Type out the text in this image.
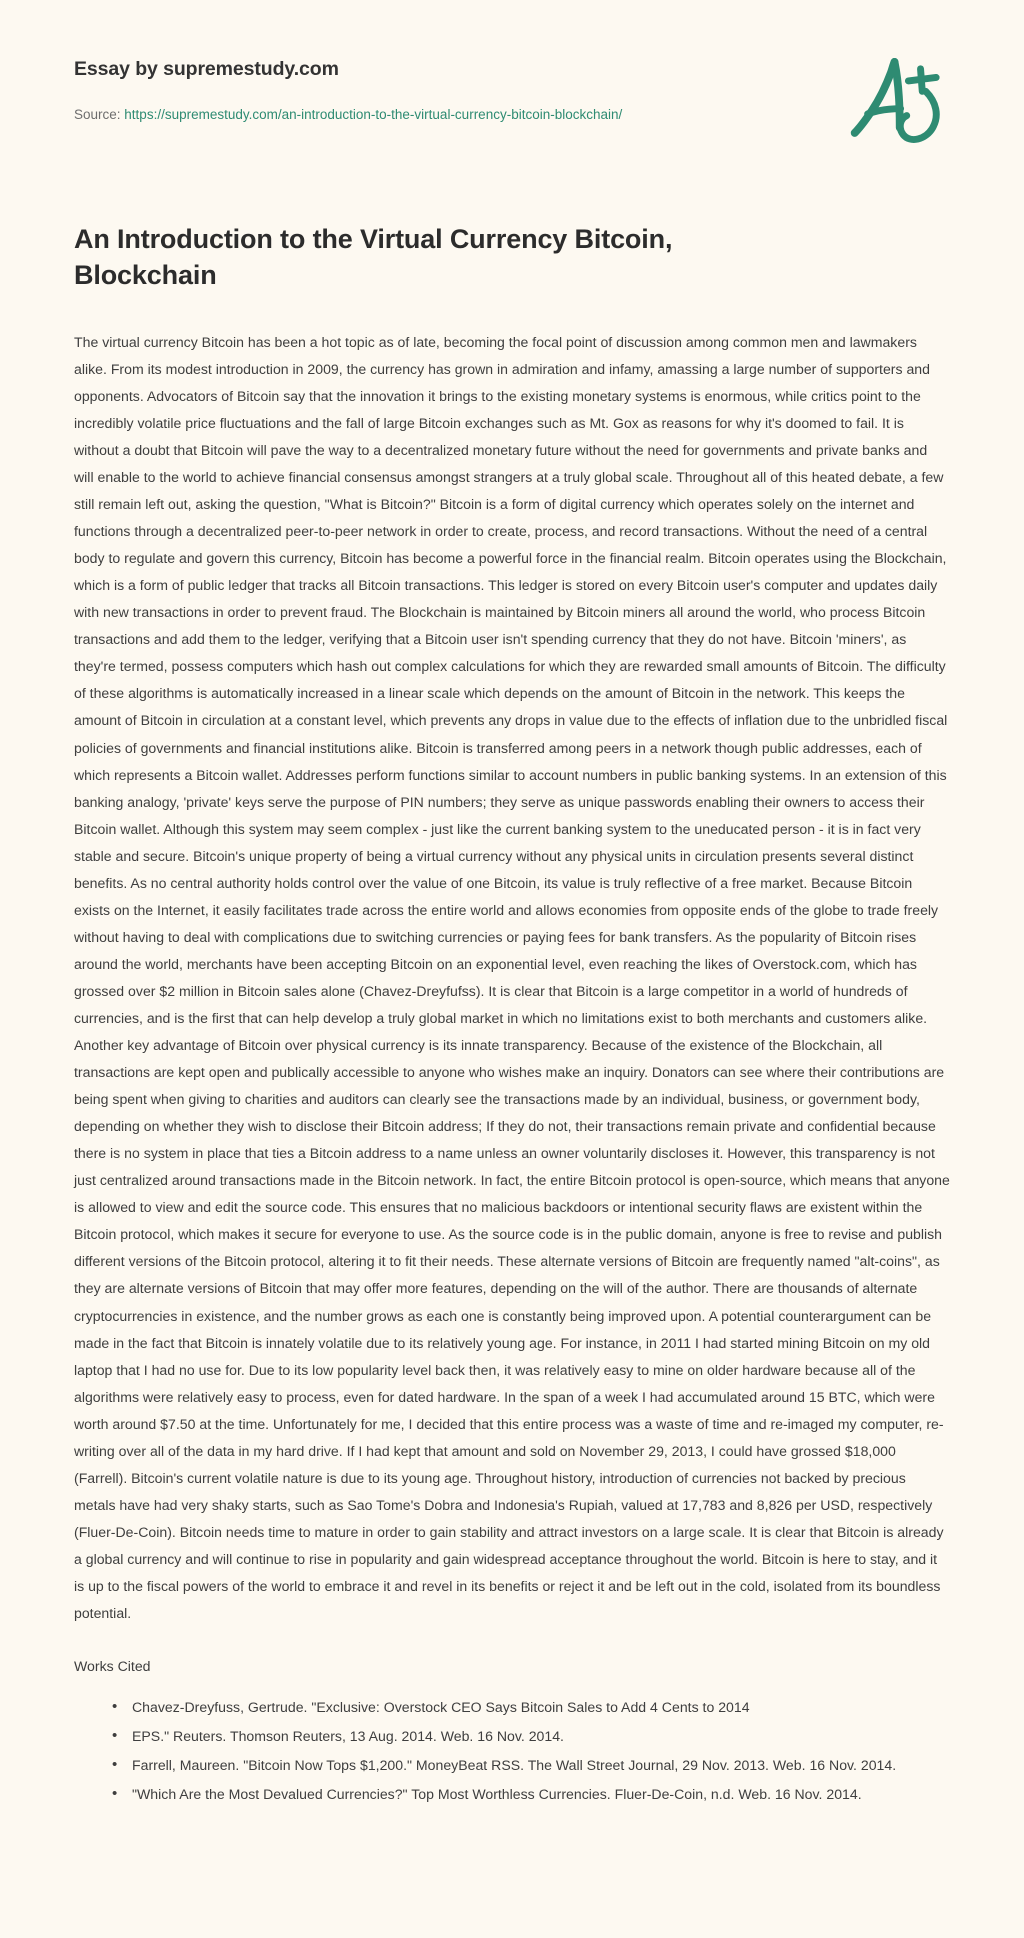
Essay by supremestudy.com
Source: https://supremestudy.com/an-introduction-to-the-virtual-currency-bitcoin-blockchain/
An Introduction to the Virtual Currency Bitcoin, Blockchain

The virtual currency Bitcoin has been a hot topic as of late, becoming the focal point of discussion among common men and lawmakers alike. From its modest introduction in 2009, the currency has grown in admiration and infamy, amassing a large number of supporters and opponents. Advocators of Bitcoin say that the innovation it brings to the existing monetary systems is enormous, while critics point to the incredibly volatile price fluctuations and the fall of large Bitcoin exchanges such as Mt. Gox as reasons for why it's doomed to fail. It is without a doubt that Bitcoin will pave the way to a decentralized monetary future without the need for governments and private banks and will enable to the world to achieve financial consensus amongst strangers at a truly global scale. Throughout all of this heated debate, a few still remain left out, asking the question, "What is Bitcoin?" Bitcoin is a form of digital currency which operates solely on the internet and functions through a decentralized peer-to-peer network in order to create, process, and record transactions. Without the need of a central body to regulate and govern this currency, Bitcoin has become a powerful force in the financial realm. Bitcoin operates using the Blockchain, which is a form of public ledger that tracks all Bitcoin transactions. This ledger is stored on every Bitcoin user's computer and updates daily with new transactions in order to prevent fraud. The Blockchain is maintained by Bitcoin miners all around the world, who process Bitcoin transactions and add them to the ledger, verifying that a Bitcoin user isn't spending currency that they do not have. Bitcoin 'miners', as they're termed, possess computers which hash out complex calculations for which they are rewarded small amounts of Bitcoin. The difficulty of these algorithms is automatically increased in a linear scale which depends on the amount of Bitcoin in the network. This keeps the amount of Bitcoin in circulation at a constant level, which prevents any drops in value due to the effects of inflation due to the unbridled fiscal policies of governments and financial institutions alike. Bitcoin is transferred among peers in a network though public addresses, each of which represents a Bitcoin wallet. Addresses perform functions similar to account numbers in public banking systems. In an extension of this banking analogy, 'private' keys serve the purpose of PIN numbers; they serve as unique passwords enabling their owners to access their Bitcoin wallet. Although this system may seem complex - just like the current banking system to the uneducated person - it is in fact very stable and secure. Bitcoin's unique property of being a virtual currency without any physical units in circulation presents several distinct benefits. As no central authority holds control over the value of one Bitcoin, its value is truly reflective of a free market. Because Bitcoin exists on the Internet, it easily facilitates trade across the entire world and allows economies from opposite ends of the globe to trade freely without having to deal with complications due to switching currencies or paying fees for bank transfers. As the popularity of Bitcoin rises around the world, merchants have been accepting Bitcoin on an exponential level, even reaching the likes of Overstock.com, which has grossed over $2 million in Bitcoin sales alone (Chavez-Dreyfufss). It is clear that Bitcoin is a large competitor in a world of hundreds of currencies, and is the first that can help develop a truly global market in which no limitations exist to both merchants and customers alike. Another key advantage of Bitcoin over physical currency is its innate transparency. Because of the existence of the Blockchain, all transactions are kept open and publically accessible to anyone who wishes make an inquiry. Donators can see where their contributions are being spent when giving to charities and auditors can clearly see the transactions made by an individual, business, or government body, depending on whether they wish to disclose their Bitcoin address; If they do not, their transactions remain private and confidential because there is no system in place that ties a Bitcoin address to a name unless an owner voluntarily discloses it. However, this transparency is not just centralized around transactions made in the Bitcoin network. In fact, the entire Bitcoin protocol is open-source, which means that anyone is allowed to view and edit the source code. This ensures that no malicious backdoors or intentional security flaws are existent within the Bitcoin protocol, which makes it secure for everyone to use. As the source code is in the public domain, anyone is free to revise and publish different versions of the Bitcoin protocol, altering it to fit their needs. These alternate versions of Bitcoin are frequently named "alt-coins", as they are alternate versions of Bitcoin that may offer more features, depending on the will of the author. There are thousands of alternate cryptocurrencies in existence, and the number grows as each one is constantly being improved upon. A potential counterargument can be made in the fact that Bitcoin is innately volatile due to its relatively young age. For instance, in 2011 I had started mining Bitcoin on my old laptop that I had no use for. Due to its low popularity level back then, it was relatively easy to mine on older hardware because all of the algorithms were relatively easy to process, even for dated hardware. In the span of a week I had accumulated around 15 BTC, which were worth around $7.50 at the time. Unfortunately for me, I decided that this entire process was a waste of time and re-imaged my computer, re-writing over all of the data in my hard drive. If I had kept that amount and sold on November 29, 2013, I could have grossed $18,000 (Farrell). Bitcoin's current volatile nature is due to its young age. Throughout history, introduction of currencies not backed by precious metals have had very shaky starts, such as Sao Tome's Dobra and Indonesia's Rupiah, valued at 17,783 and 8,826 per USD, respectively (Fluer-De-Coin). Bitcoin needs time to mature in order to gain stability and attract investors on a large scale. It is clear that Bitcoin is already a global currency and will continue to rise in popularity and gain widespread acceptance throughout the world. Bitcoin is here to stay, and it is up to the fiscal powers of the world to embrace it and revel in its benefits or reject it and be left out in the cold, isolated from its boundless potential.

Works Cited
• Chavez-Dreyfuss, Gertrude. "Exclusive: Overstock CEO Says Bitcoin Sales to Add 4 Cents to 2014
• EPS." Reuters. Thomson Reuters, 13 Aug. 2014. Web. 16 Nov. 2014.
• Farrell, Maureen. "Bitcoin Now Tops $1,200." MoneyBeat RSS. The Wall Street Journal, 29 Nov. 2013. Web. 16 Nov. 2014.
• "Which Are the Most Devalued Currencies?" Top Most Worthless Currencies. Fluer-De-Coin, n.d. Web. 16 Nov. 2014.
